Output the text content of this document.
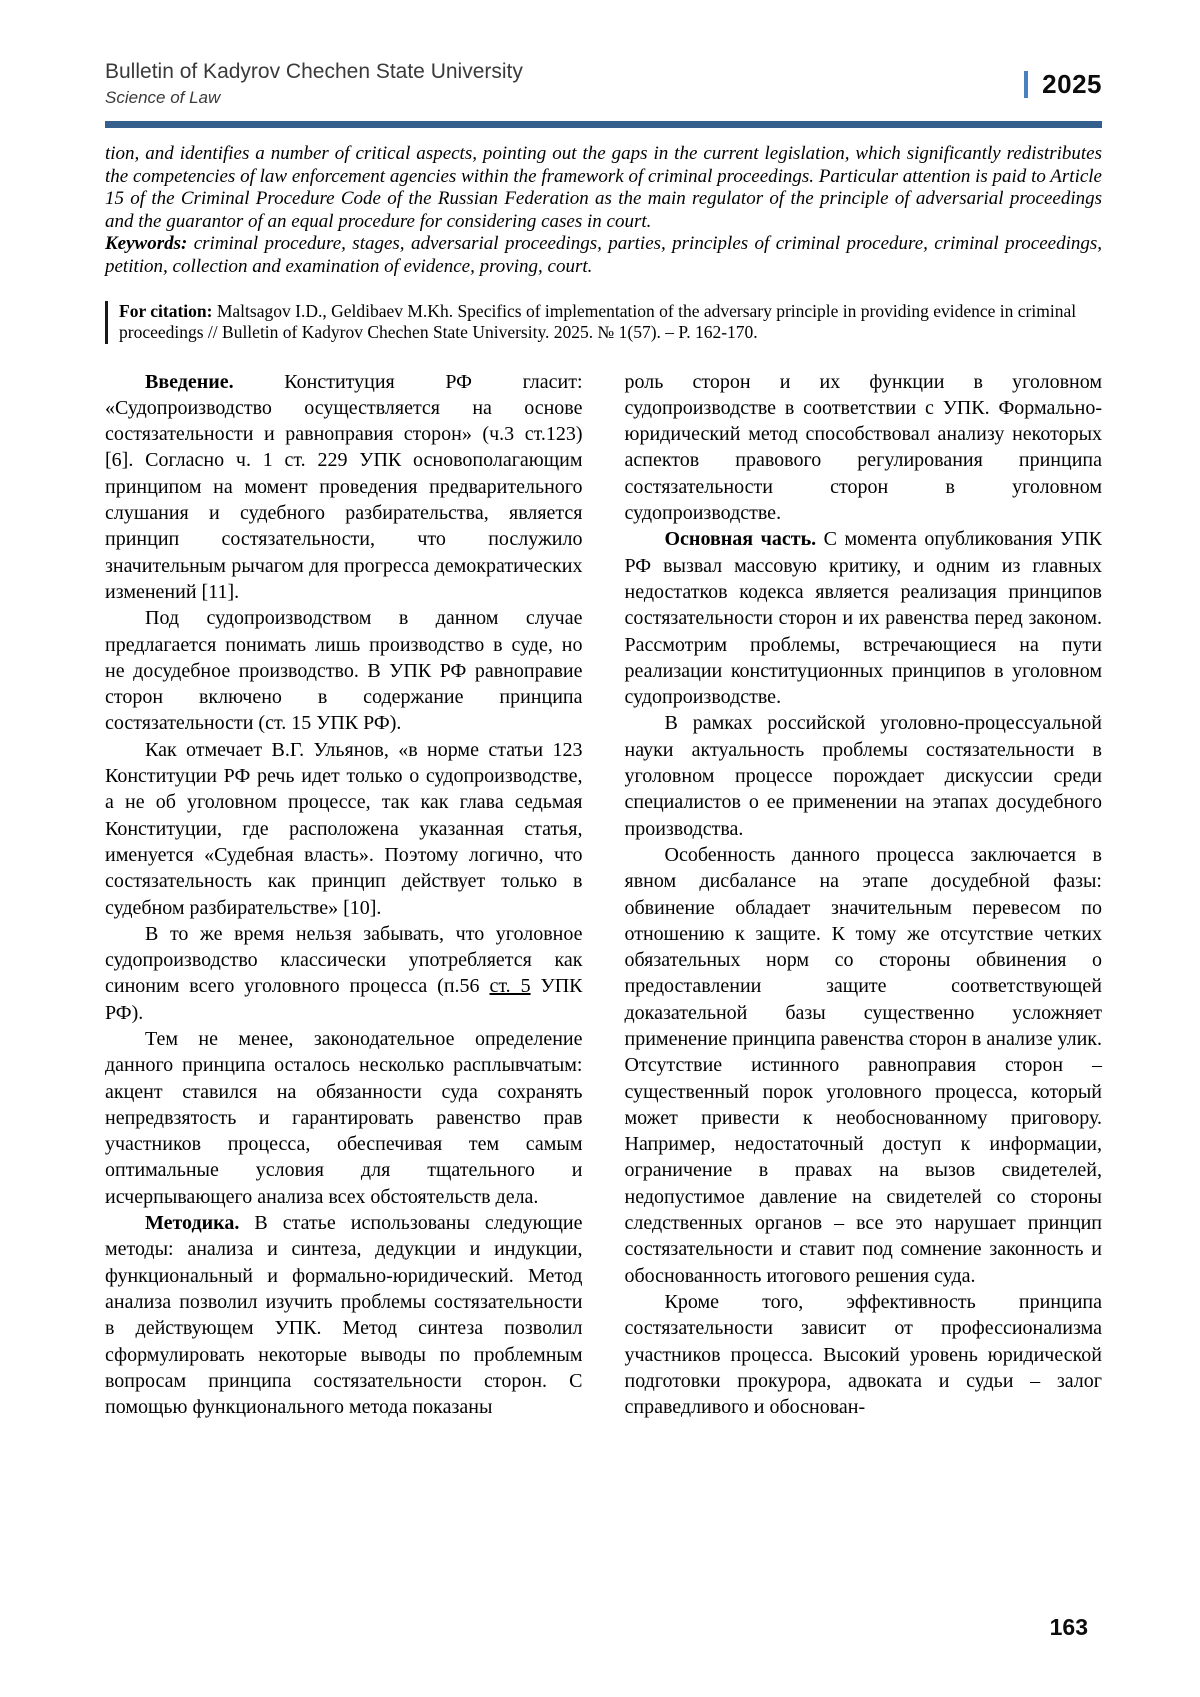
Bulletin of Kadyrov Chechen State University
Science of Law	2025

tion, and identifies a number of critical aspects, pointing out the gaps in the current legislation, which significantly redistributes the competencies of law enforcement agencies within the framework of criminal proceedings. Particular attention is paid to Article 15 of the Criminal Procedure Code of the Russian Federation as the main regulator of the principle of adversarial proceedings and the guarantor of an equal procedure for considering cases in court.

Keywords: criminal procedure, stages, adversarial proceedings, parties, principles of criminal procedure, criminal proceedings, petition, collection and examination of evidence, proving, court.

For citation: Maltsagov I.D., Geldibaev M.Kh. Specifics of implementation of the adversary principle in providing evidence in criminal proceedings // Bulletin of Kadyrov Chechen State University. 2025. № 1(57). – P. 162-170.

Введение. Конституция РФ гласит: «Судопроизводство осуществляется на основе состязательности и равноправия сторон» (ч.3 ст.123) [6]. Согласно ч. 1 ст. 229 УПК основополагающим принципом на момент проведения предварительного слушания и судебного разбирательства, является принцип состязательности, что послужило значительным рычагом для прогресса демократических изменений [11].

Под судопроизводством в данном случае предлагается понимать лишь производство в суде, но не досудебное производство. В УПК РФ равноправие сторон включено в содержание принципа состязательности (ст. 15 УПК РФ).

Как отмечает В.Г. Ульянов, «в норме статьи 123 Конституции РФ речь идет только о судопроизводстве, а не об уголовном процессе, так как глава седьмая Конституции, где расположена указанная статья, именуется «Судебная власть». Поэтому логично, что состязательность как принцип действует только в судебном разбирательстве» [10].

В то же время нельзя забывать, что уголовное судопроизводство классически употребляется как синоним всего уголовного процесса (п.56 ст. 5 УПК РФ).

Тем не менее, законодательное определение данного принципа осталось несколько расплывчатым: акцент ставился на обязанности суда сохранять непредвзятость и гарантировать равенство прав участников процесса, обеспечивая тем самым оптимальные условия для тщательного и исчерпывающего анализа всех обстоятельств дела.

Методика. В статье использованы следующие методы: анализа и синтеза, дедукции и индукции, функциональный и формально-юридический. Метод анализа позволил изучить проблемы состязательности в действующем УПК. Метод синтеза позволил сформулировать некоторые выводы по проблемным вопросам принципа состязательности сторон. С помощью функционального метода показаны

роль сторон и их функции в уголовном судопроизводстве в соответствии с УПК. Формально-юридический метод способствовал анализу некоторых аспектов правового регулирования принципа состязательности сторон в уголовном судопроизводстве.

Основная часть. С момента опубликования УПК РФ вызвал массовую критику, и одним из главных недостатков кодекса является реализация принципов состязательности сторон и их равенства перед законом. Рассмотрим проблемы, встречающиеся на пути реализации конституционных принципов в уголовном судопроизводстве.

В рамках российской уголовно-процессуальной науки актуальность проблемы состязательности в уголовном процессе порождает дискуссии среди специалистов о ее применении на этапах досудебного производства.

Особенность данного процесса заключается в явном дисбалансе на этапе досудебной фазы: обвинение обладает значительным перевесом по отношению к защите. К тому же отсутствие четких обязательных норм со стороны обвинения о предоставлении защите соответствующей доказательной базы существенно усложняет применение принципа равенства сторон в анализе улик. Отсутствие истинного равноправия сторон – существенный порок уголовного процесса, который может привести к необоснованному приговору. Например, недостаточный доступ к информации, ограничение в правах на вызов свидетелей, недопустимое давление на свидетелей со стороны следственных органов – все это нарушает принцип состязательности и ставит под сомнение законность и обоснованность итогового решения суда.

Кроме того, эффективность принципа состязательности зависит от профессионализма участников процесса. Высокий уровень юридической подготовки прокурора, адвоката и судьи – залог справедливого и обоснован-

163
